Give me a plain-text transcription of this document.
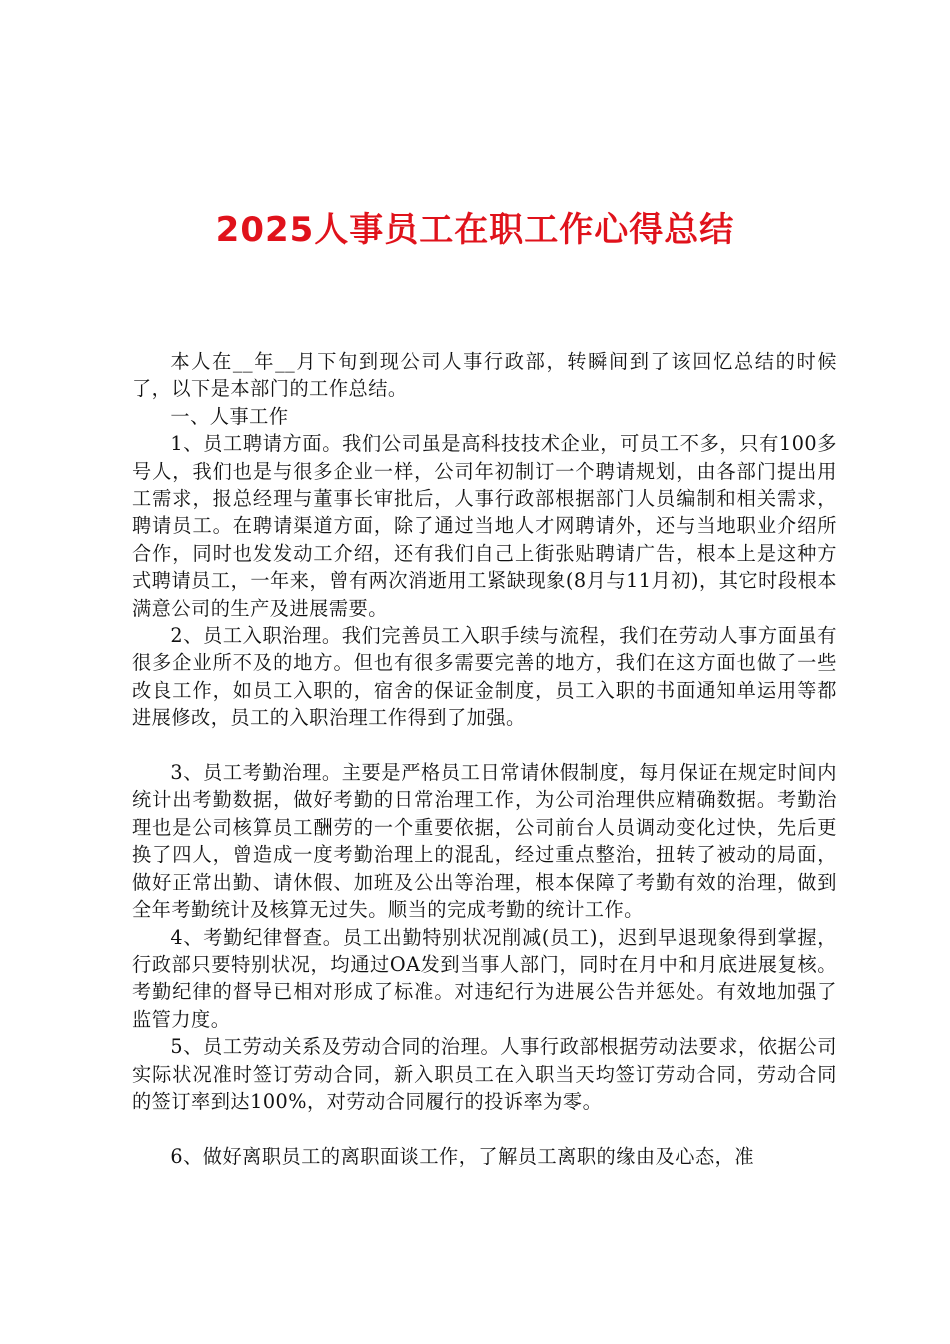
2025人事员工在职工作心得总结

本人在__年__月下旬到现公司人事行政部，转瞬间到了该回忆总结的时候了，以下是本部门的工作总结。

一、人事工作

1、员工聘请方面。我们公司虽是高科技技术企业，可员工不多，只有100多号人，我们也是与很多企业一样，公司年初制订一个聘请规划，由各部门提出用工需求，报总经理与董事长审批后，人事行政部根据部门人员编制和相关需求，聘请员工。在聘请渠道方面，除了通过当地人才网聘请外，还与当地职业介绍所合作，同时也发发动工介绍，还有我们自己上街张贴聘请广告，根本上是这种方式聘请员工，一年来，曾有两次消逝用工紧缺现象(8月与11月初)，其它时段根本满意公司的生产及进展需要。

2、员工入职治理。我们完善员工入职手续与流程，我们在劳动人事方面虽有很多企业所不及的地方。但也有很多需要完善的地方，我们在这方面也做了一些改良工作，如员工入职的，宿舍的保证金制度，员工入职的书面通知单运用等都进展修改，员工的入职治理工作得到了加强。

3、员工考勤治理。主要是严格员工日常请休假制度，每月保证在规定时间内统计出考勤数据，做好考勤的日常治理工作，为公司治理供应精确数据。考勤治理也是公司核算员工酬劳的一个重要依据，公司前台人员调动变化过快，先后更换了四人，曾造成一度考勤治理上的混乱，经过重点整治，扭转了被动的局面，做好正常出勤、请休假、加班及公出等治理，根本保障了考勤有效的治理，做到全年考勤统计及核算无过失。顺当的完成考勤的统计工作。

4、考勤纪律督查。员工出勤特别状况削减(员工)，迟到早退现象得到掌握，行政部只要特别状况，均通过OA发到当事人部门，同时在月中和月底进展复核。考勤纪律的督导已相对形成了标准。对违纪行为进展公告并惩处。有效地加强了监管力度。

5、员工劳动关系及劳动合同的治理。人事行政部根据劳动法要求，依据公司实际状况准时签订劳动合同，新入职员工在入职当天均签订劳动合同，劳动合同的签订率到达100%，对劳动合同履行的投诉率为零。

6、做好离职员工的离职面谈工作，了解员工离职的缘由及心态，准
